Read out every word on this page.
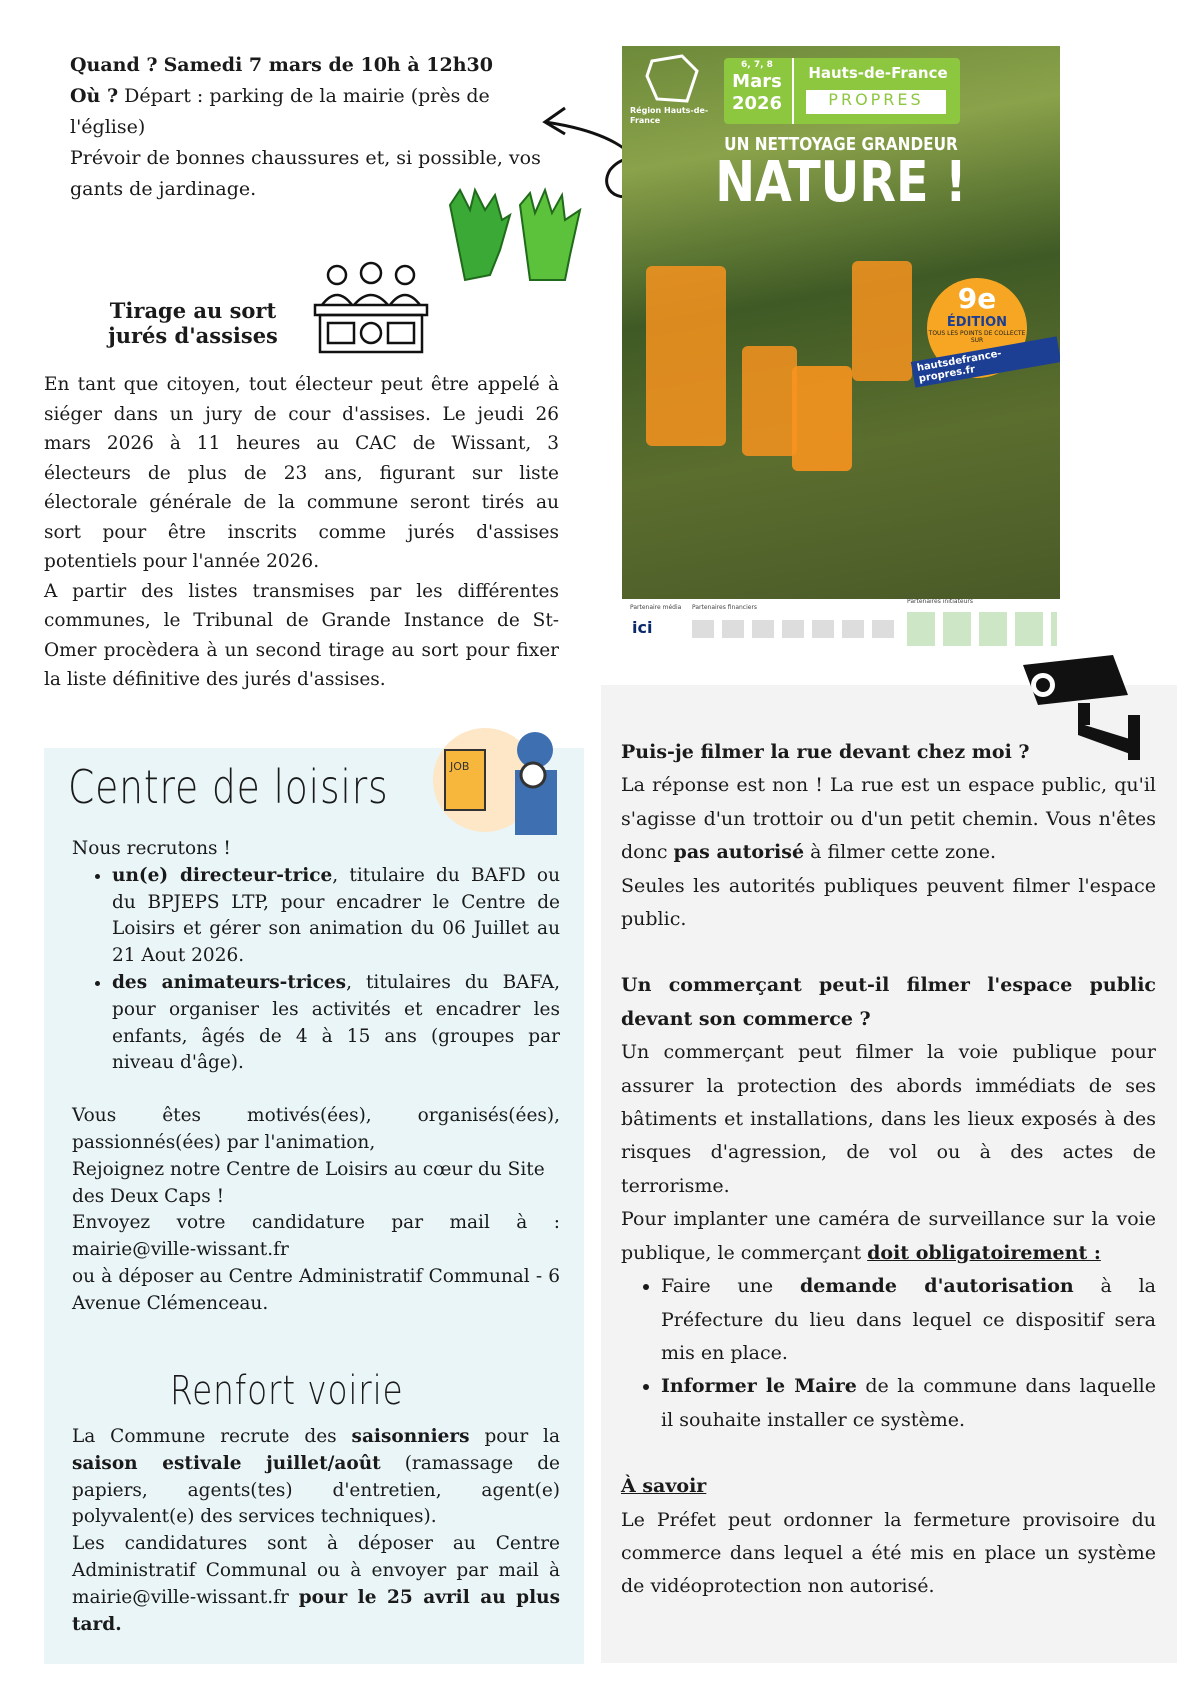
Quand ? Samedi 7 mars de 10h à 12h30

Où ? Départ : parking de la mairie (près de l'église)

Prévoir de bonnes chaussures et, si possible, vos gants de jardinage.

Tirage au sort jurés d'assises

En tant que citoyen, tout électeur peut être appelé à siéger dans un jury de cour d'assises. Le jeudi 26 mars 2026 à 11 heures au CAC de Wissant, 3 électeurs de plus de 23 ans, figurant sur liste électorale générale de la commune seront tirés au sort pour être inscrits comme jurés d'assises potentiels pour l'année 2026.

A partir des listes transmises par les différentes communes, le Tribunal de Grande Instance de St-Omer procèdera à un second tirage au sort pour fixer la liste définitive des jurés d'assises.

Région Hauts-de-France
6, 7, 8
Mars
2026
Hauts-de-France
PROPRES
UN NETTOYAGE GRANDEUR
NATURE !
9e
ÉDITION
TOUS LES POINTS DE COLLECTE SUR
hautsdefrance-propres.fr
Partenaire média Partenaires financiers
Partenaires initiateurs
ici
Centre de loisirs	JOB

Nous recrutons !

• un(e) directeur-trice, titulaire du BAFD ou du BPJEPS LTP, pour encadrer le Centre de Loisirs et gérer son animation du 06 Juillet au 21 Aout 2026.
• des animateurs-trices, titulaires du BAFA, pour organiser les activités et encadrer les enfants, âgés de 4 à 15 ans (groupes par niveau d'âge).

Vous êtes motivés(ées), organisés(ées), passionnés(ées) par l'animation,

Rejoignez notre Centre de Loisirs au cœur du Site des Deux Caps !

Envoyez votre candidature par mail à : mairie@ville-wissant.fr

ou à déposer au Centre Administratif Communal - 6 Avenue Clémenceau.

Renfort voirie

La Commune recrute des saisonniers pour la saison estivale juillet/août (ramassage de papiers, agents(tes) d'entretien, agent(e) polyvalent(e) des services techniques).

Les candidatures sont à déposer au Centre Administratif Communal ou à envoyer par mail à mairie@ville-wissant.fr pour le 25 avril au plus tard.

Puis-je filmer la rue devant chez moi ?

La réponse est non ! La rue est un espace public, qu'il s'agisse d'un trottoir ou d'un petit chemin. Vous n'êtes donc pas autorisé à filmer cette zone.

Seules les autorités publiques peuvent filmer l'espace public.

Un commerçant peut-il filmer l'espace public devant son commerce ?

Un commerçant peut filmer la voie publique pour assurer la protection des abords immédiats de ses bâtiments et installations, dans les lieux exposés à des risques d'agression, de vol ou à des actes de terrorisme.

Pour implanter une caméra de surveillance sur la voie publique, le commerçant doit obligatoirement :

• Faire une demande d'autorisation à la Préfecture du lieu dans lequel ce dispositif sera mis en place.
• Informer le Maire de la commune dans laquelle il souhaite installer ce système.

À savoir

Le Préfet peut ordonner la fermeture provisoire du commerce dans lequel a été mis en place un système de vidéoprotection non autorisé.
